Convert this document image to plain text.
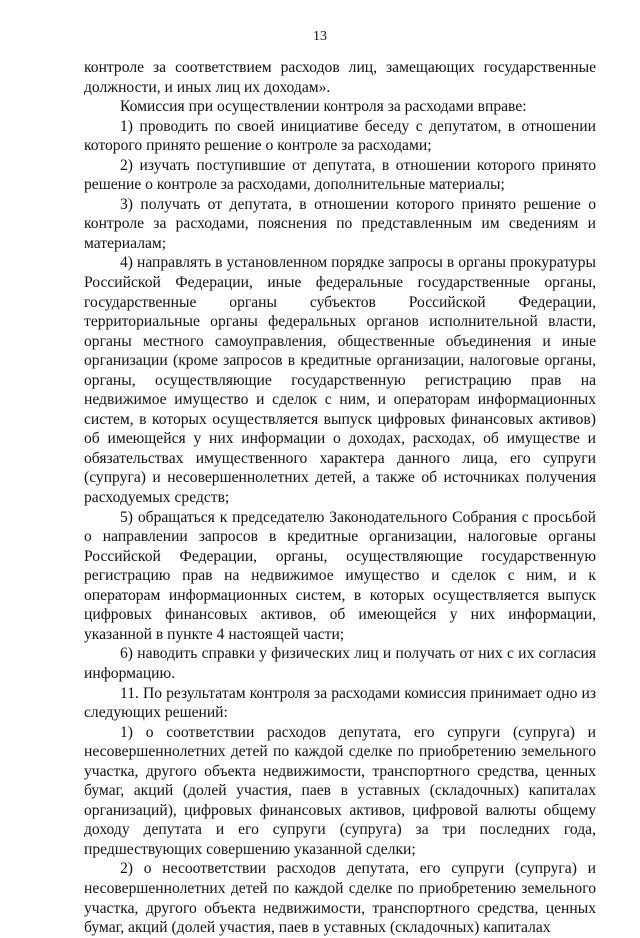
13

контроле за соответствием расходов лиц, замещающих государственные должности, и иных лиц их доходам».

Комиссия при осуществлении контроля за расходами вправе:

1) проводить по своей инициативе беседу с депутатом, в отношении которого принято решение о контроле за расходами;

2) изучать поступившие от депутата, в отношении которого принято решение о контроле за расходами, дополнительные материалы;

3) получать от депутата, в отношении которого принято решение о контроле за расходами, пояснения по представленным им сведениям и материалам;

4) направлять в установленном порядке запросы в органы прокуратуры Российской Федерации, иные федеральные государственные органы, государственные органы субъектов Российской Федерации, территориальные органы федеральных органов исполнительной власти, органы местного самоуправления, общественные объединения и иные организации (кроме запросов в кредитные организации, налоговые органы, органы, осуществляющие государственную регистрацию прав на недвижимое имущество и сделок с ним, и операторам информационных систем, в которых осуществляется выпуск цифровых финансовых активов) об имеющейся у них информации о доходах, расходах, об имуществе и обязательствах имущественного характера данного лица, его супруги (супруга) и несовершеннолетних детей, а также об источниках получения расходуемых средств;

5) обращаться к председателю Законодательного Собрания с просьбой о направлении запросов в кредитные организации, налоговые органы Российской Федерации, органы, осуществляющие государственную регистрацию прав на недвижимое имущество и сделок с ним, и к операторам информационных систем, в которых осуществляется выпуск цифровых финансовых активов, об имеющейся у них информации, указанной в пункте 4 настоящей части;

6) наводить справки у физических лиц и получать от них с их согласия информацию.

11. По результатам контроля за расходами комиссия принимает одно из следующих решений:

1) о соответствии расходов депутата, его супруги (супруга) и несовершеннолетних детей по каждой сделке по приобретению земельного участка, другого объекта недвижимости, транспортного средства, ценных бумаг, акций (долей участия, паев в уставных (складочных) капиталах организаций), цифровых финансовых активов, цифровой валюты общему доходу депутата и его супруги (супруга) за три последних года, предшествующих совершению указанной сделки;

2) о несоответствии расходов депутата, его супруги (супруга) и несовершеннолетних детей по каждой сделке по приобретению земельного участка, другого объекта недвижимости, транспортного средства, ценных бумаг, акций (долей участия, паев в уставных (складочных) капиталах
